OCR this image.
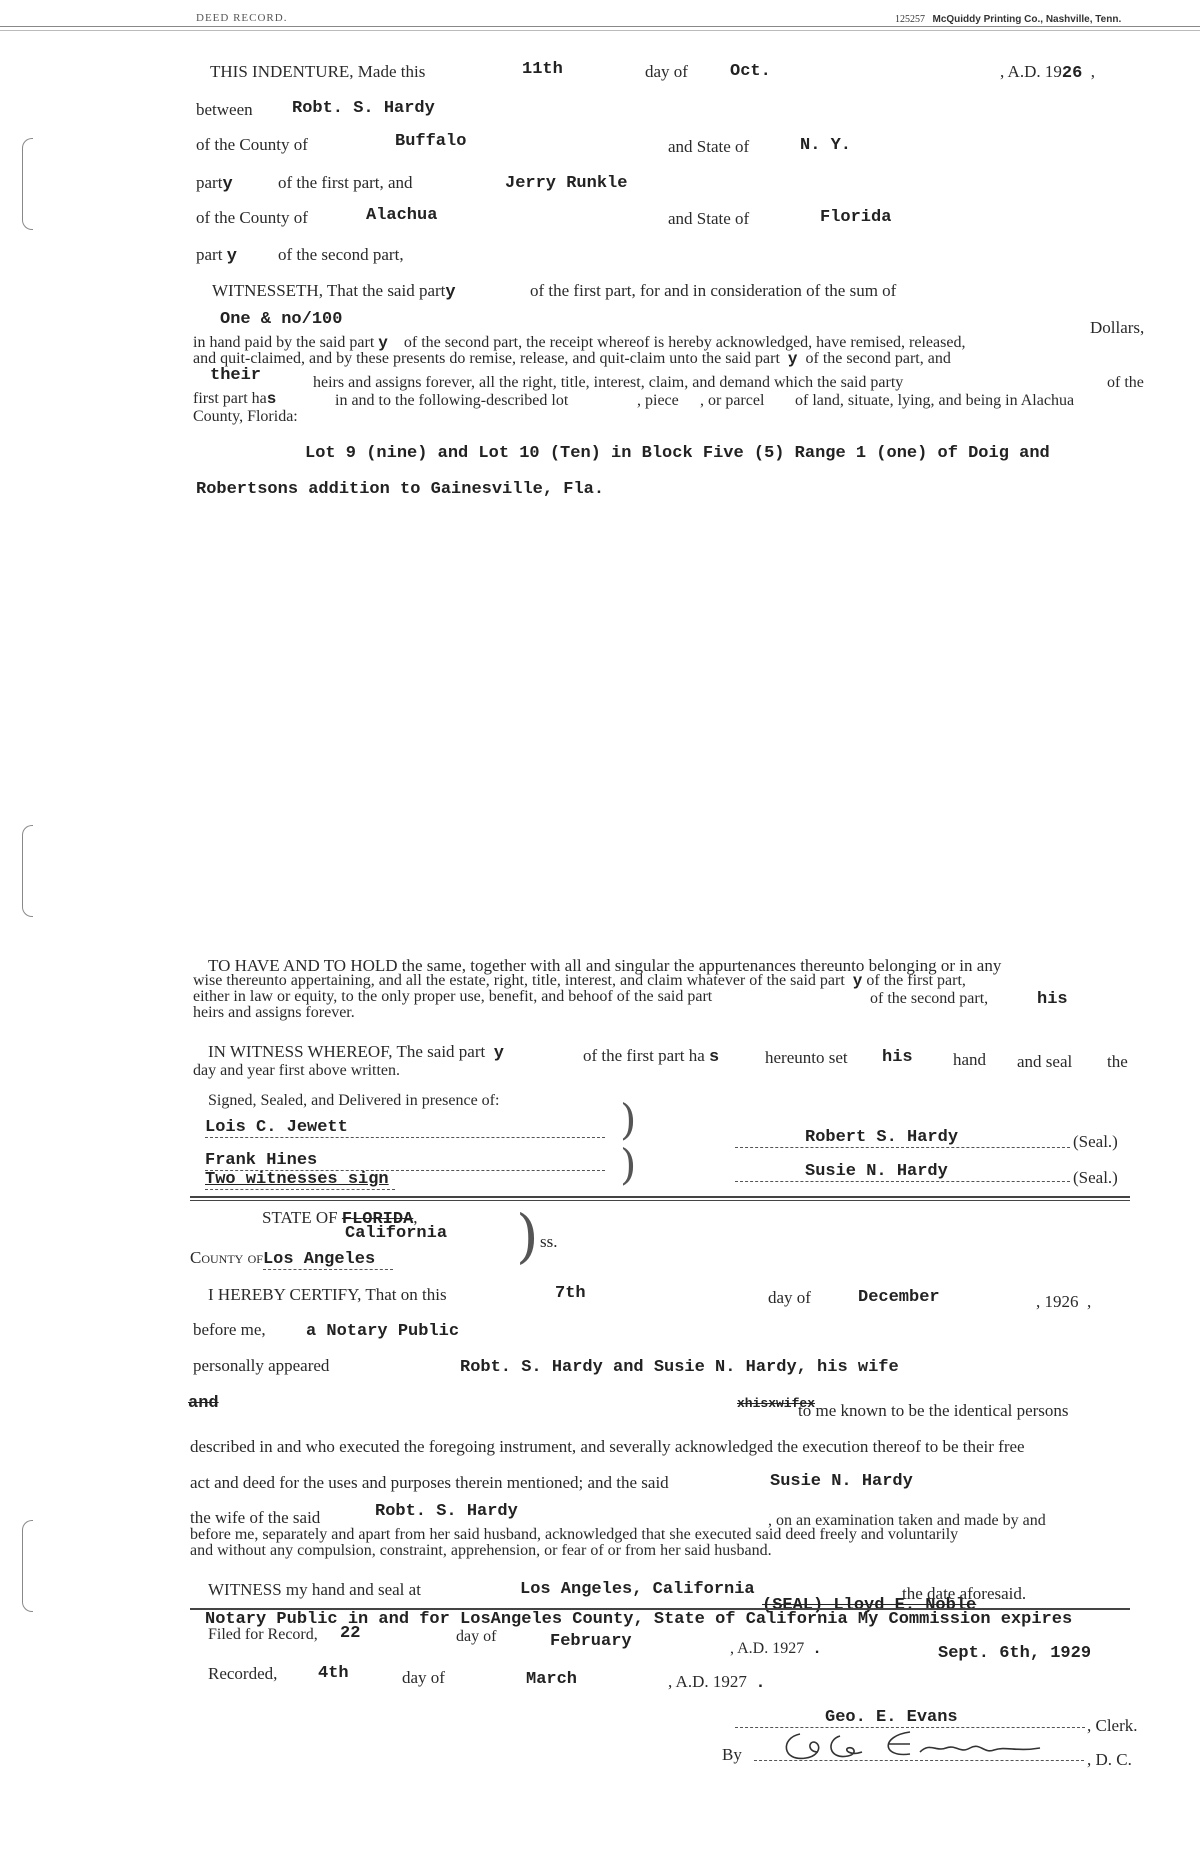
DEED RECORD.	125257 McQuiddy Printing Co., Nashville, Tenn.
THIS INDENTURE, Made this	11th	day of Oct.	, A.D. 1926 ,
between Robt. S. Hardy
of the County of	Buffalo	and State of	N. Y.
party	of the first part, and	Jerry Runkle
of the County of	Alachua	and State of	Florida
part y of the second part,
WITNESSETH, That the said party	of the first part, for and in consideration of the sum of
One & no/100	Dollars,
in hand paid by the said part y of the second part, the receipt whereof is hereby acknowledged, have remised, released,
and quit-claimed, and by these presents do remise, release, and quit-claim unto the said part y of the second part, and
their	heirs and assigns forever, all the right, title, interest, claim, and demand which the said party	of the
first part has	in and to the following-described lot	, piece , or parcel of land, situate, lying, and being in Alachua
County, Florida:
Lot 9 (nine) and Lot 10 (Ten) in Block Five (5) Range 1 (one) of Doig and
Robertsons addition to Gainesville, Fla.
TO HAVE AND TO HOLD the same, together with all and singular the appurtenances thereunto belonging or in any
wise thereunto appertaining, and all the estate, right, title, interest, and claim whatever of the said part y of the first part,
either in law or equity, to the only proper use, benefit, and behoof of the said part	of the second part,	his
heirs and assigns forever.
IN WITNESS WHEREOF, The said part y	of the first part ha s	hereunto set his hand and seal the
day and year first above written.
Signed, Sealed, and Delivered in presence of:
Lois C. Jewett
Frank Hines
Two witnesses sign
)
)
Robert S. Hardy	(Seal.)
Susie N. Hardy	(Seal.)
STATE OF FLORIDA,
California
County ofLos Angeles	) ss.
I HEREBY CERTIFY, That on this	7th	day of	December	, 1926 ,
before me, a Notary Public
personally appeared	Robt. S. Hardy and Susie N. Hardy, his wife
and	xhisxwifex
to me known to be the identical persons
described in and who executed the foregoing instrument, and severally acknowledged the execution thereof to be their free
act and deed for the uses and purposes therein mentioned; and the said	Susie N. Hardy
the wife of the said	Robt. S. Hardy	, on an examination taken and made by and
before me, separately and apart from her said husband, acknowledged that she executed said deed freely and voluntarily
and without any compulsion, constraint, apprehension, or fear of or from her said husband.
WITNESS my hand and seal at	Los Angeles, California	the date aforesaid.
(SEAL) Lloyd E. Noble
Notary Public in and for LosAngeles County, State of California My Commission expires
Sept. 6th, 1929
Filed for Record, 22	day of	February	, A.D. 1927 .
Recorded, 4th	day of	March	, A.D. 1927 .
Geo. E. Evans	, Clerk.
By	, D. C.
